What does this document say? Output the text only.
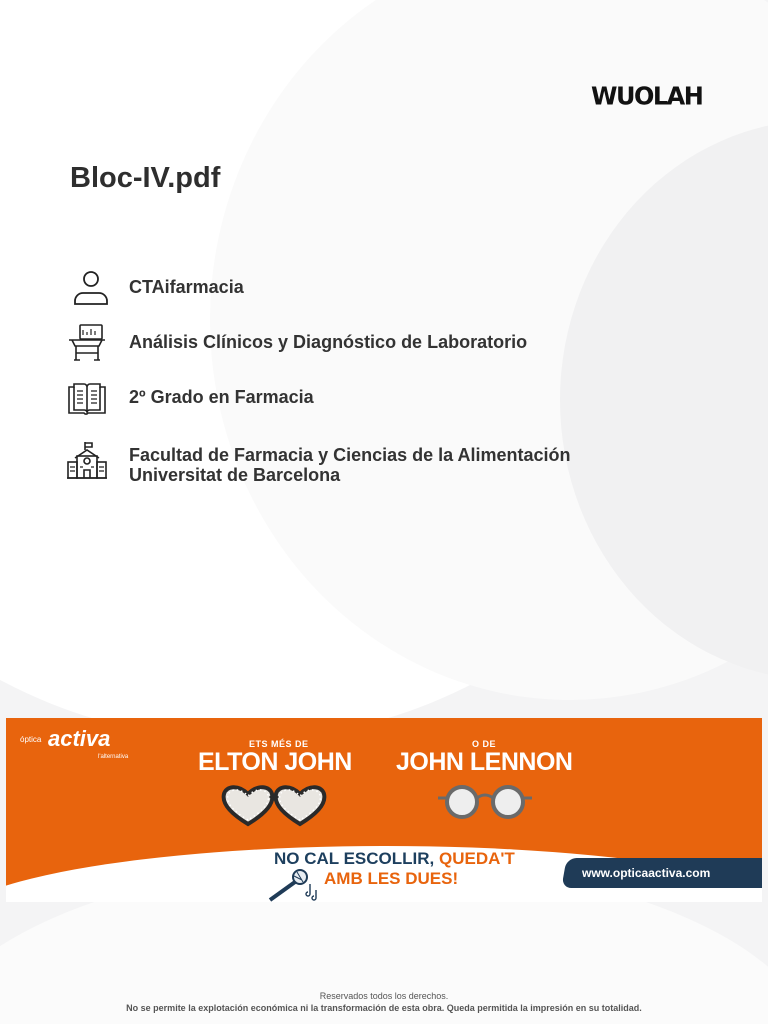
WUOLAH
Bloc-IV.pdf
CTAifarmacia
Análisis Clínicos y Diagnóstico de Laboratorio
2º Grado en Farmacia
Facultad de Farmacia y Ciencias de la Alimentación
Universitat de Barcelona
óptica activa
l'alternativa
ETS MÉS DE
ELTON JOHN
O DE
JOHN LENNON
NO CAL ESCOLLIR, QUEDA'T
AMB LES DUES!	www.opticaactiva.com
Reservados todos los derechos.
No se permite la explotación económica ni la transformación de esta obra. Queda permitida la impresión en su totalidad.
